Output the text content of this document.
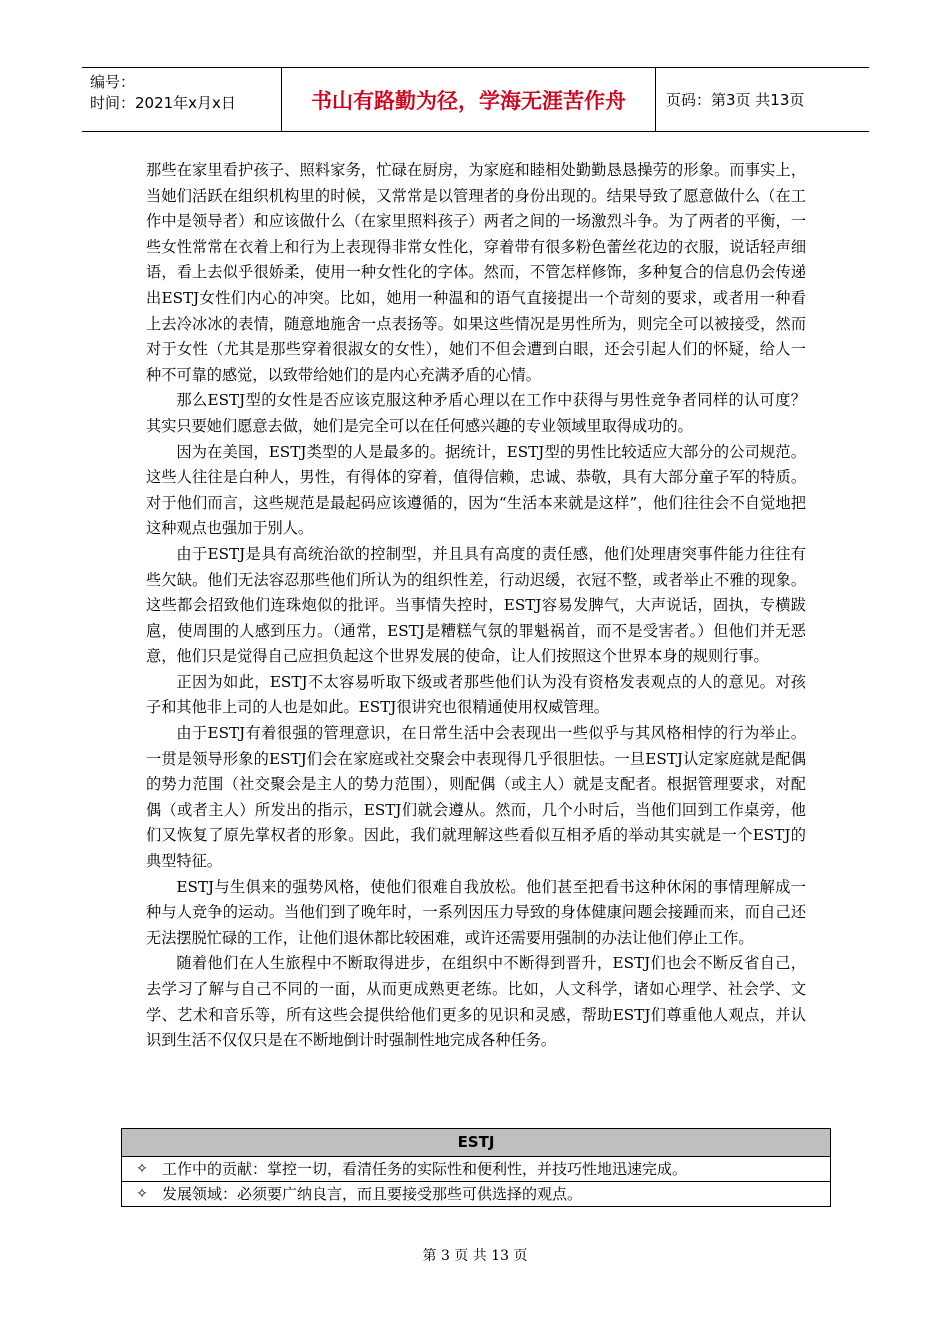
编号：
时间：2021年x月x日	书山有路勤为径，学海无涯苦作舟	页码：第3页 共13页

那些在家里看护孩子、照料家务，忙碌在厨房，为家庭和睦相处勤勤恳恳操劳的形象。而事实上，当她们活跃在组织机构里的时候，又常常是以管理者的身份出现的。结果导致了愿意做什么（在工作中是领导者）和应该做什么（在家里照料孩子）两者之间的一场激烈斗争。为了两者的平衡，一些女性常常在衣着上和行为上表现得非常女性化，穿着带有很多粉色蕾丝花边的衣服，说话轻声细语，看上去似乎很娇柔，使用一种女性化的字体。然而，不管怎样修饰，多种复合的信息仍会传递出ESTJ女性们内心的冲突。比如，她用一种温和的语气直接提出一个苛刻的要求，或者用一种看上去冷冰冰的表情，随意地施舍一点表扬等。如果这些情况是男性所为，则完全可以被接受，然而对于女性（尤其是那些穿着很淑女的女性），她们不但会遭到白眼，还会引起人们的怀疑，给人一种不可靠的感觉，以致带给她们的是内心充满矛盾的心情。

那么ESTJ型的女性是否应该克服这种矛盾心理以在工作中获得与男性竞争者同样的认可度？其实只要她们愿意去做，她们是完全可以在任何感兴趣的专业领域里取得成功的。

因为在美国，ESTJ类型的人是最多的。据统计，ESTJ型的男性比较适应大部分的公司规范。这些人往往是白种人，男性，有得体的穿着，值得信赖，忠诚、恭敬，具有大部分童子军的特质。对于他们而言，这些规范是最起码应该遵循的，因为“生活本来就是这样”，他们往往会不自觉地把这种观点也强加于别人。

由于ESTJ是具有高统治欲的控制型，并且具有高度的责任感，他们处理唐突事件能力往往有些欠缺。他们无法容忍那些他们所认为的组织性差，行动迟缓，衣冠不整，或者举止不雅的现象。这些都会招致他们连珠炮似的批评。当事情失控时，ESTJ容易发脾气，大声说话，固执，专横跋扈，使周围的人感到压力。（通常，ESTJ是糟糕气氛的罪魁祸首，而不是受害者。）但他们并无恶意，他们只是觉得自己应担负起这个世界发展的使命，让人们按照这个世界本身的规则行事。

正因为如此，ESTJ不太容易听取下级或者那些他们认为没有资格发表观点的人的意见。对孩子和其他非上司的人也是如此。ESTJ很讲究也很精通使用权威管理。

由于ESTJ有着很强的管理意识，在日常生活中会表现出一些似乎与其风格相悖的行为举止。一贯是领导形象的ESTJ们会在家庭或社交聚会中表现得几乎很胆怯。一旦ESTJ认定家庭就是配偶的势力范围（社交聚会是主人的势力范围），则配偶（或主人）就是支配者。根据管理要求，对配偶（或者主人）所发出的指示，ESTJ们就会遵从。然而，几个小时后，当他们回到工作桌旁，他们又恢复了原先掌权者的形象。因此，我们就理解这些看似互相矛盾的举动其实就是一个ESTJ的典型特征。

ESTJ与生俱来的强势风格，使他们很难自我放松。他们甚至把看书这种休闲的事情理解成一种与人竞争的运动。当他们到了晚年时，一系列因压力导致的身体健康问题会接踵而来，而自己还无法摆脱忙碌的工作，让他们退休都比较困难，或许还需要用强制的办法让他们停止工作。

随着他们在人生旅程中不断取得进步，在组织中不断得到晋升，ESTJ们也会不断反省自己，去学习了解与自己不同的一面，从而更成熟更老练。比如，人文科学，诸如心理学、社会学、文学、艺术和音乐等，所有这些会提供给他们更多的见识和灵感，帮助ESTJ们尊重他人观点，并认识到生活不仅仅只是在不断地倒计时强制性地完成各种任务。

ESTJ
✧ 工作中的贡献：掌控一切，看清任务的实际性和便利性，并技巧性地迅速完成。
✧ 发展领域：必须要广纳良言，而且要接受那些可供选择的观点。
第 3 页 共 13 页
